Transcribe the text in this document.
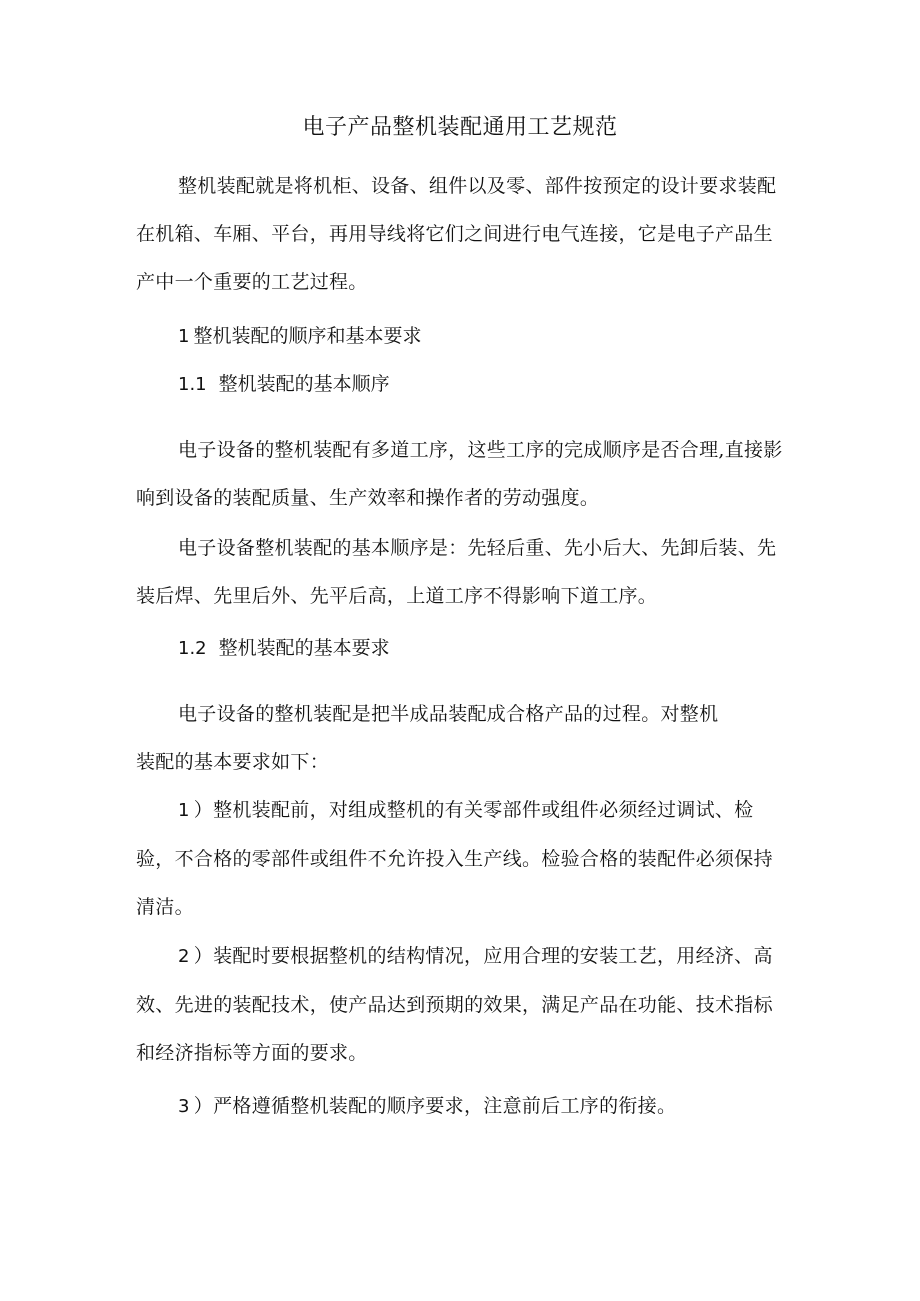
电子产品整机装配通用工艺规范

整机装配就是将机柜、设备、组件以及零、部件按预定的设计要求装配在机箱、车厢、平台，再用导线将它们之间进行电气连接，它是电子产品生产中一个重要的工艺过程。

1 整机装配的顺序和基本要求
1.1 整机装配的基本顺序

电子设备的整机装配有多道工序，这些工序的完成顺序是否合理,直接影响到设备的装配质量、生产效率和操作者的劳动强度。

电子设备整机装配的基本顺序是：先轻后重、先小后大、先卸后装、先装后焊、先里后外、先平后高，上道工序不得影响下道工序。

1.2 整机装配的基本要求

电子设备的整机装配是把半成品装配成合格产品的过程。对整机
装配的基本要求如下：

1 ）整机装配前，对组成整机的有关零部件或组件必须经过调试、检验，不合格的零部件或组件不允许投入生产线。检验合格的装配件必须保持清洁。

2 ）装配时要根据整机的结构情况，应用合理的安装工艺，用经济、高效、先进的装配技术，使产品达到预期的效果，满足产品在功能、技术指标和经济指标等方面的要求。

3 ）严格遵循整机装配的顺序要求，注意前后工序的衔接。
